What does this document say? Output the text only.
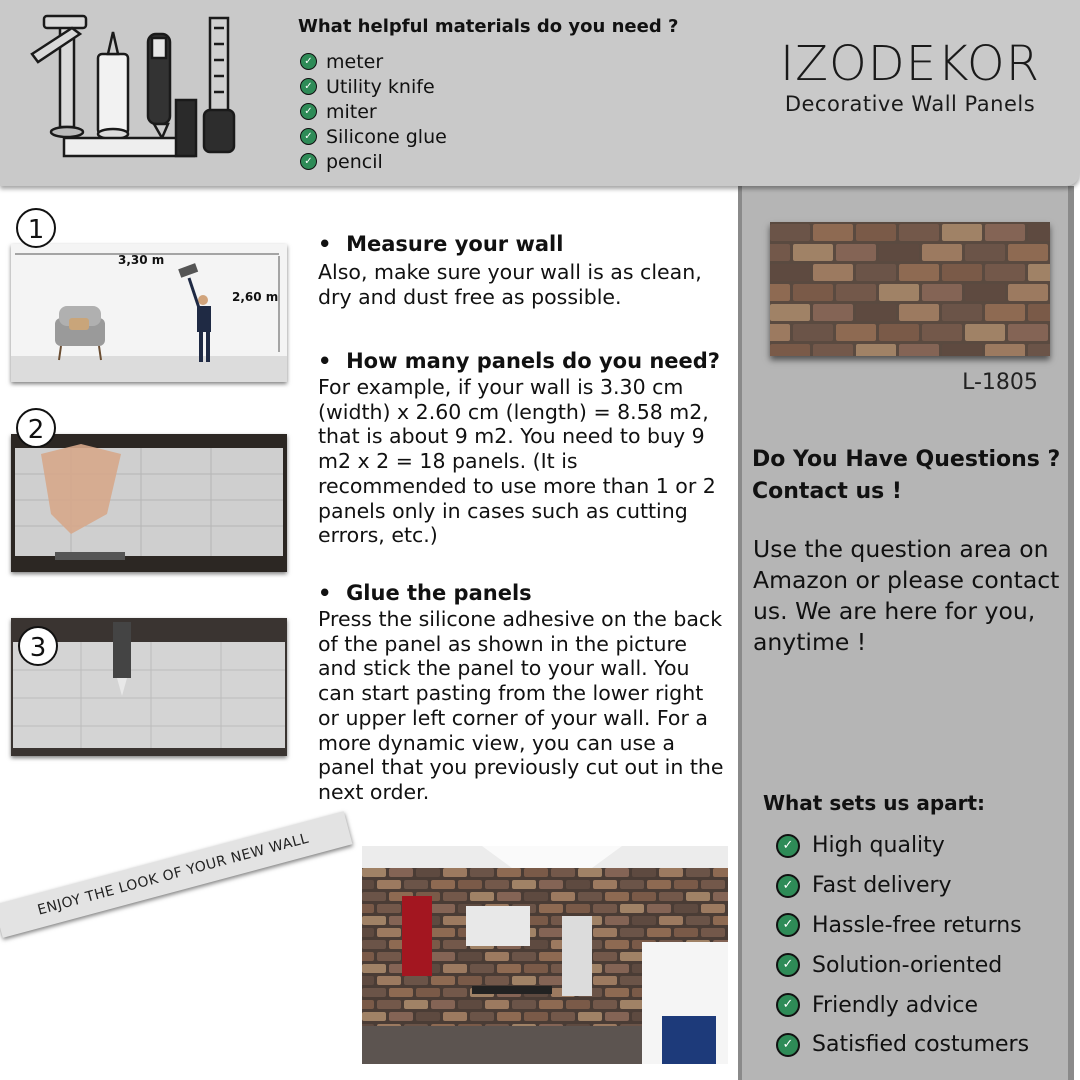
What helpful materials do you need ?
✓ meter
✓ Utility knife
✓ miter
✓ Silicone glue
✓ pencil
IZODEKOR
Decorative Wall Panels
L-1805
Do You Have Questions ?
Contact us !
Use the question area on Amazon or please contact us. We are here for you, anytime !
What sets us apart:
✓ High quality
✓ Fast delivery
✓ Hassle-free returns
✓ Solution-oriented
✓ Friendly advice
✓ Satisfied costumers
3,30 m
2,60 m
1	• Measure your wall
Also, make sure your wall is as clean, dry and dust free as possible.
2
• How many panels do you need?
For example, if your wall is 3.30 cm (width) x 2.60 cm (length) = 8.58 m2, that is about 9 m2. You need to buy 9 m2 x 2 = 18 panels. (It is recommended to use more than 1 or 2 panels only in cases such as cutting errors, etc.)
3
• Glue the panels
Press the silicone adhesive on the back of the panel as shown in the picture and stick the panel to your wall. You can start pasting from the lower right or upper left corner of your wall. For a more dynamic view, you can use a panel that you previously cut out in the next order.
ENJOY THE LOOK OF YOUR NEW WALL
